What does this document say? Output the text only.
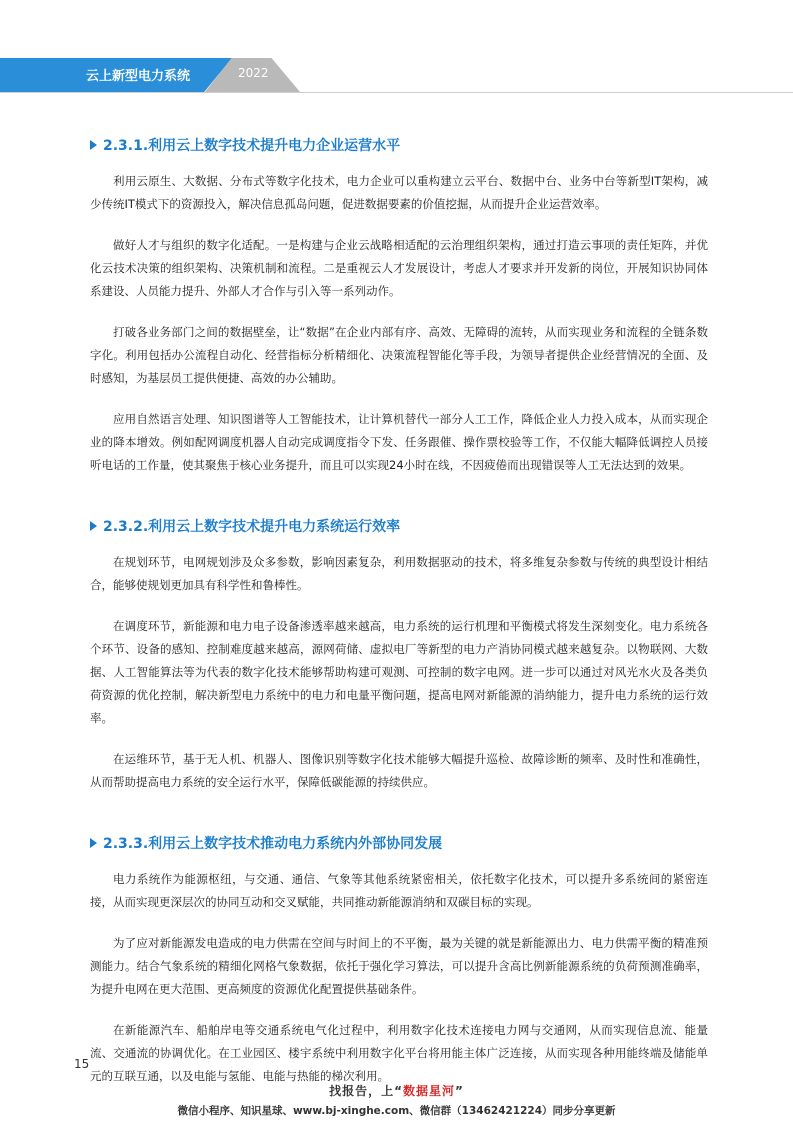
云上新型电力系统	2022
2.3.1.利用云上数字技术提升电力企业运营水平

利用云原生、大数据、分布式等数字化技术，电力企业可以重构建立云平台、数据中台、业务中台等新型IT架构，减少传统IT模式下的资源投入，解决信息孤岛问题，促进数据要素的价值挖掘，从而提升企业运营效率。

做好人才与组织的数字化适配。一是构建与企业云战略相适配的云治理组织架构，通过打造云事项的责任矩阵，并优化云技术决策的组织架构、决策机制和流程。二是重视云人才发展设计，考虑人才要求并开发新的岗位，开展知识协同体系建设、人员能力提升、外部人才合作与引入等一系列动作。

打破各业务部门之间的数据壁垒，让“数据”在企业内部有序、高效、无障碍的流转，从而实现业务和流程的全链条数字化。利用包括办公流程自动化、经营指标分析精细化、决策流程智能化等手段，为领导者提供企业经营情况的全面、及时感知，为基层员工提供便捷、高效的办公辅助。

应用自然语言处理、知识图谱等人工智能技术，让计算机替代一部分人工工作，降低企业人力投入成本，从而实现企业的降本增效。例如配网调度机器人自动完成调度指令下发、任务跟催、操作票校验等工作，不仅能大幅降低调控人员接听电话的工作量，使其聚焦于核心业务提升，而且可以实现24小时在线，不因疲倦而出现错误等人工无法达到的效果。

2.3.2.利用云上数字技术提升电力系统运行效率

在规划环节，电网规划涉及众多参数，影响因素复杂，利用数据驱动的技术，将多维复杂参数与传统的典型设计相结合，能够使规划更加具有科学性和鲁棒性。

在调度环节，新能源和电力电子设备渗透率越来越高，电力系统的运行机理和平衡模式将发生深刻变化。电力系统各个环节、设备的感知、控制难度越来越高，源网荷储、虚拟电厂等新型的电力产消协同模式越来越复杂。以物联网、大数据、人工智能算法等为代表的数字化技术能够帮助构建可观测、可控制的数字电网。进一步可以通过对风光水火及各类负荷资源的优化控制，解决新型电力系统中的电力和电量平衡问题，提高电网对新能源的消纳能力，提升电力系统的运行效率。

在运维环节，基于无人机、机器人、图像识别等数字化技术能够大幅提升巡检、故障诊断的频率、及时性和准确性，从而帮助提高电力系统的安全运行水平，保障低碳能源的持续供应。

2.3.3.利用云上数字技术推动电力系统内外部协同发展

电力系统作为能源枢纽，与交通、通信、气象等其他系统紧密相关，依托数字化技术，可以提升多系统间的紧密连接，从而实现更深层次的协同互动和交叉赋能，共同推动新能源消纳和双碳目标的实现。

为了应对新能源发电造成的电力供需在空间与时间上的不平衡，最为关键的就是新能源出力、电力供需平衡的精准预测能力。结合气象系统的精细化网格气象数据，依托于强化学习算法，可以提升含高比例新能源系统的负荷预测准确率，为提升电网在更大范围、更高频度的资源优化配置提供基础条件。

在新能源汽车、船舶岸电等交通系统电气化过程中，利用数字化技术连接电力网与交通网，从而实现信息流、能量流、交通流的协调优化。在工业园区、楼宇系统中利用数字化平台将用能主体广泛连接，从而实现各种用能终端及储能单元的互联互通，以及电能与氢能、电能与热能的梯次利用。

15
找报告，上“数据星河”
微信小程序、知识星球、www.bj-xinghe.com、微信群（13462421224）同步分享更新
